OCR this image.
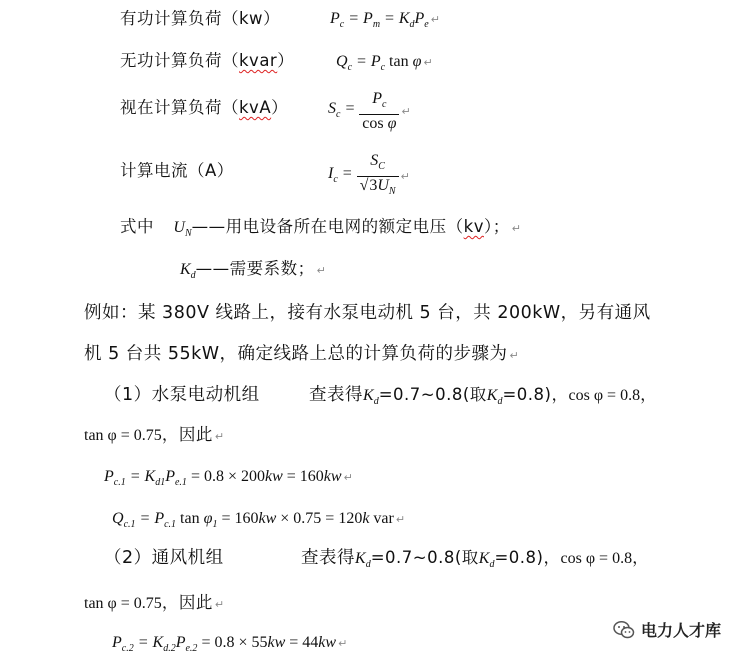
有功计算负荷（kw）	$P_c = P_m = K_dP_e$ ↵
无功计算负荷（kvar）	$Q_c = P_c$ tan φ ↵
视在计算负荷（kvA） $S_c = \frac{P_c}{\text{cos φ}}$ ↵
计算电流（A）	$I_c = \frac{S_C}{√3U_N}$ ↵
式中 $U_N——$用电设备所在电网的额定电压（kv）； ↵
$K_d——$需要系数； ↵
例如：某 380V 线路上，接有水泵电动机 5 台，共 200kW，另有通风
机 5 台共 55kW，确定线路上总的计算负荷的步骤为 ↵
（1）水泵电动机组	查表得$K_d=0.7\sim 0.8$(取$K_d=0.8$)，cos φ = 0.8，
tan φ = 0.75，因此 ↵
$P_{c.1} = K_{d1}P_{e.1} = 0.8 \times 200kw = 160kw$ ↵
$Q_{c.1} = P_{c.1}$ $\tan \varphi_1 = 160kw \times 0.75 = 120k$ var ↵
（2）通风机组	查表得$K_d=0.7\sim 0.8$(取$K_d=0.8$)，cos φ = 0.8，
tan φ = 0.75，因此 ↵
$P_{c.2} = K_{d.2}P_{e.2} = 0.8 \times 55kw = 44kw$ ↵
电力人才库
